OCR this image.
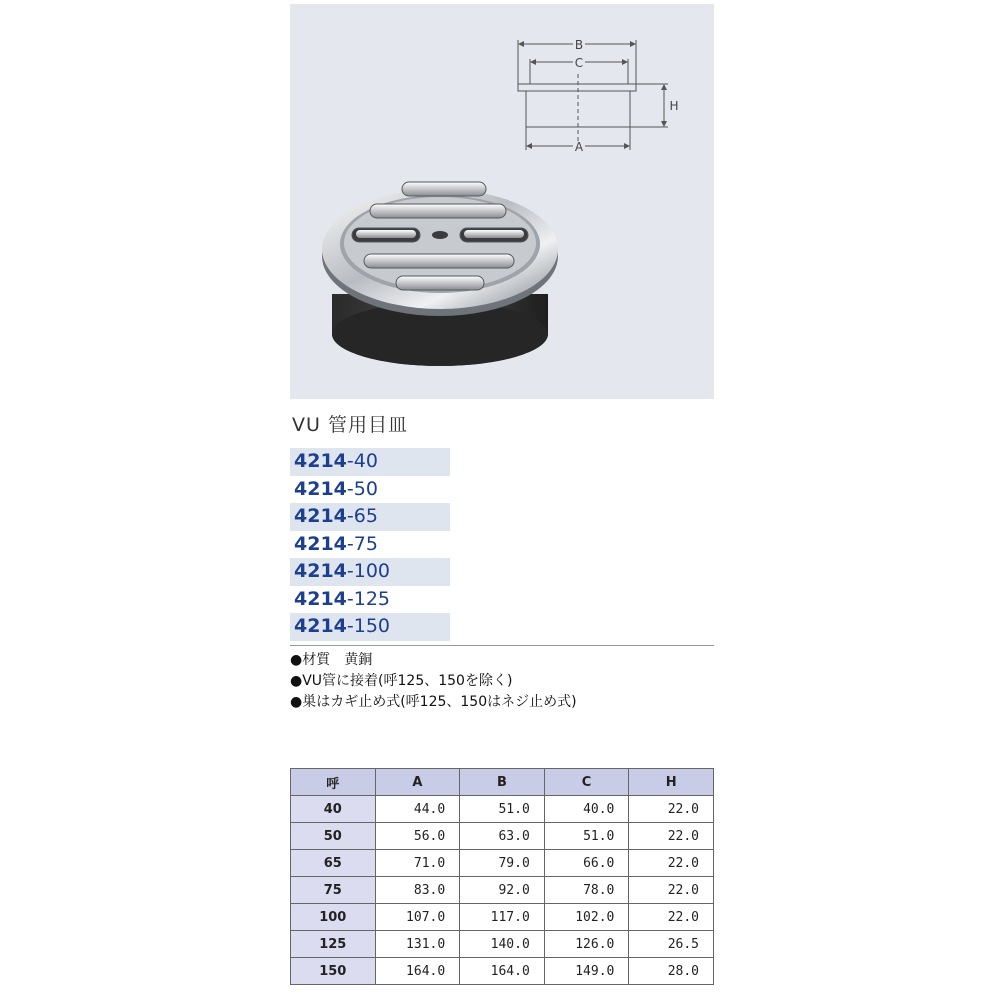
B
C
H
A
VU 管用目皿
4214-40
4214-50
4214-65
4214-75
4214-100
4214-125
4214-150
●材質　黄銅
●VU管に接着(呼125、150を除く)
●巣はカギ止め式(呼125、150はネジ止め式)
呼	A	B	C	H
40	44.0	51.0	40.0	22.0
50	56.0	63.0	51.0	22.0
65	71.0	79.0	66.0	22.0
75	83.0	92.0	78.0	22.0
100	107.0	117.0	102.0	22.0
125	131.0	140.0	126.0	26.5
150	164.0	164.0	149.0	28.0
